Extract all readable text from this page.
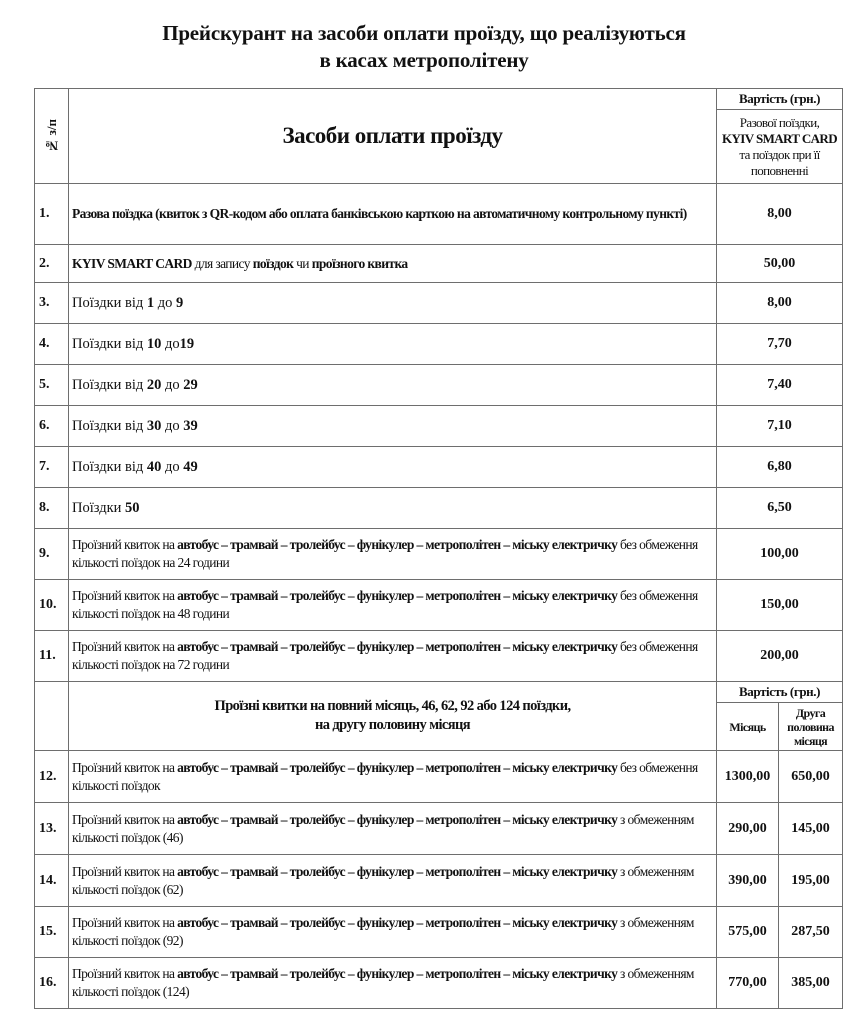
Прейскурант на засоби оплати проїзду, що реалізуються
в касах метрополітену
№ з/п	Засоби оплати проїзду	Вартість (грн.)	
		Разової поїздки,
KYIV SMART CARD та поїздок при її поповненні	
1.	Разова поїздка (квиток з QR-кодом або оплата банківською карткою на автоматичному контрольному пункті)	8,00	
2.	KYIV SMART CARD для запису поїздок чи проїзного квитка	50,00	
3.	Поїздки від 1 до 9	8,00	
4.	Поїздки від 10 до19	7,70	
5.	Поїздки від 20 до 29	7,40	
6.	Поїздки від 30 до 39	7,10	
7.	Поїздки від 40 до 49	6,80	
8.	Поїздки 50	6,50	
9.	Проїзний квиток на автобус – трамвай – тролейбус – фунікулер – метрополітен – міську електричку без обмеження кількості поїздок на 24 години	100,00	
10.	Проїзний квиток на автобус – трамвай – тролейбус – фунікулер – метрополітен – міську електричку без обмеження кількості поїздок на 48 години	150,00	
11.	Проїзний квиток на автобус – трамвай – тролейбус – фунікулер – метрополітен – міську електричку без обмеження кількості поїздок на 72 години	200,00	

	Проїзні квитки на повний місяць, 46, 62, 92 або 124 поїздки,
на другу половину місяця	Вартість (грн.)	
		Місяць	Друга половина місяця
12.	Проїзний квиток на автобус – трамвай – тролейбус – фунікулер – метрополітен – міську електричку без обмеження кількості поїздок	1300,00	650,00
13.	Проїзний квиток на автобус – трамвай – тролейбус – фунікулер – метрополітен – міську електричку з обмеженням кількості поїздок (46)	290,00	145,00
14.	Проїзний квиток на автобус – трамвай – тролейбус – фунікулер – метрополітен – міську електричку з обмеженням кількості поїздок (62)	390,00	195,00
15.	Проїзний квиток на автобус – трамвай – тролейбус – фунікулер – метрополітен – міську електричку з обмеженням кількості поїздок (92)	575,00	287,50
16.	Проїзний квиток на автобус – трамвай – тролейбус – фунікулер – метрополітен – міську електричку з обмеженням кількості поїздок (124)	770,00	385,00
